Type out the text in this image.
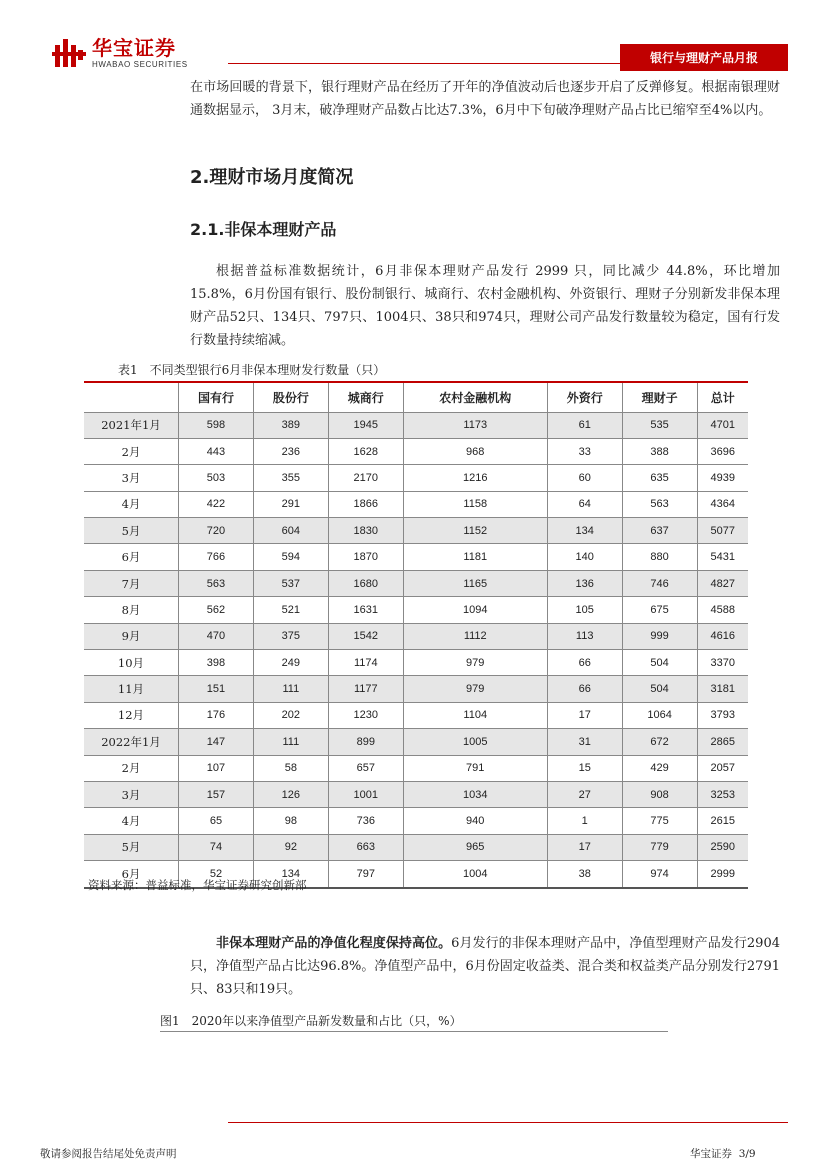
华宝证券
HWABAO SECURITIES	银行与理财产品月报
在市场回暖的背景下，银行理财产品在经历了开年的净值波动后也逐步开启了反弹修复。根据南银理财通数据显示， 3月末，破净理财产品数占比达7.3%，6月中下旬破净理财产品占比已缩窄至4%以内。
2.理财市场月度简况
2.1.非保本理财产品
根据普益标准数据统计，6月非保本理财产品发行 2999 只，同比减少 44.8%，环比增加15.8%，6月份国有银行、股份制银行、城商行、农村金融机构、外资银行、理财子分别新发非保本理财产品52只、134只、797只、1004只、38只和974只，理财公司产品发行数量较为稳定，国有行发行数量持续缩减。
表1　不同类型银行6月非保本理财发行数量（只）
	国有行	股份行	城商行	农村金融机构	外资行	理财子	总计
2021年1月	598	389	1945	1173	61	535	4701
2月	443	236	1628	968	33	388	3696
3月	503	355	2170	1216	60	635	4939
4月	422	291	1866	1158	64	563	4364
5月	720	604	1830	1152	134	637	5077
6月	766	594	1870	1181	140	880	5431
7月	563	537	1680	1165	136	746	4827
8月	562	521	1631	1094	105	675	4588
9月	470	375	1542	1112	113	999	4616
10月	398	249	1174	979	66	504	3370
11月	151	111	1177	979	66	504	3181
12月	176	202	1230	1104	17	1064	3793
2022年1月	147	111	899	1005	31	672	2865
2月	107	58	657	791	15	429	2057
3月	157	126	1001	1034	27	908	3253
4月	65	98	736	940	1	775	2615
5月	74	92	663	965	17	779	2590
6月	52	134	797	1004	38	974	2999
资料来源：普益标准，华宝证券研究创新部
非保本理财产品的净值化程度保持高位。6月发行的非保本理财产品中，净值型理财产品发行2904只，净值型产品占比达96.8%。净值型产品中，6月份固定收益类、混合类和权益类产品分别发行2791只、83只和19只。
图1　2020年以来净值型产品新发数量和占比（只，%）
敬请参阅报告结尾处免责声明	华宝证券 3/9
